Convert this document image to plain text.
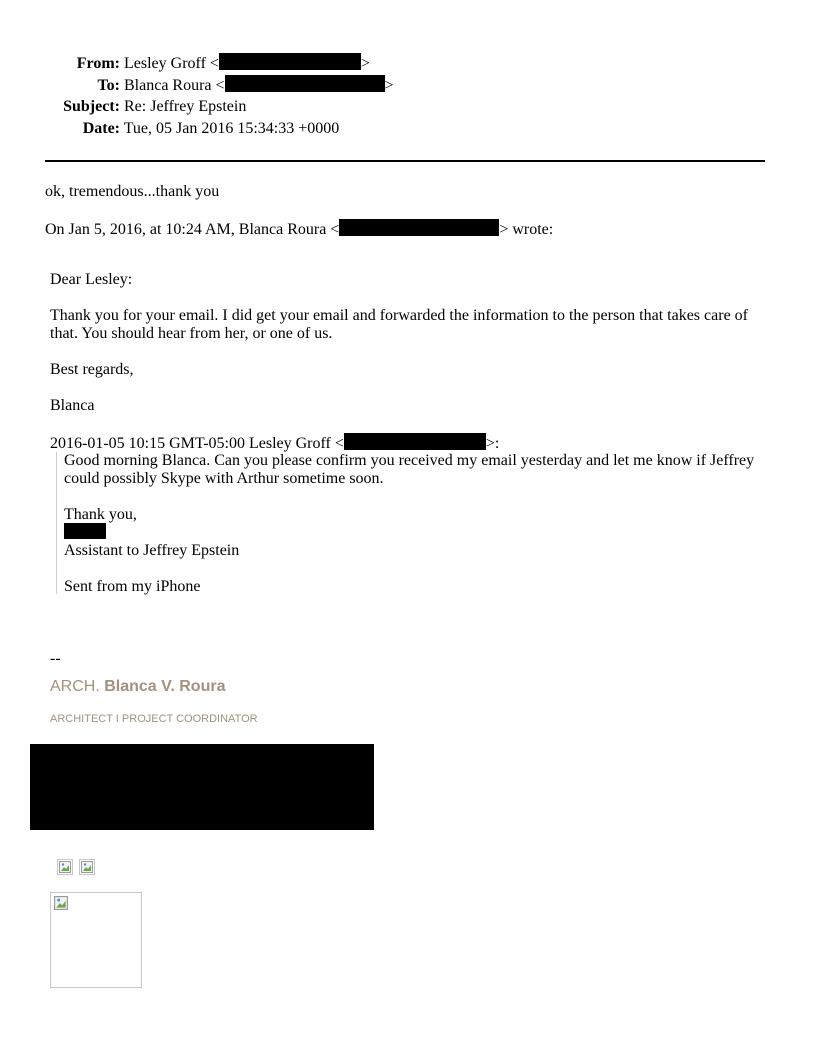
From: Lesley Groff <	>
To: Blanca Roura <	>
Subject: Re: Jeffrey Epstein
Date: Tue, 05 Jan 2016 15:34:33 +0000
ok, tremendous...thank you
On Jan 5, 2016, at 10:24 AM, Blanca Roura <	> wrote:
Dear Lesley:
Thank you for your email. I did get your email and forwarded the information to the person that takes care of
that. You should hear from her, or one of us.
Best regards,
Blanca
2016-01-05 10:15 GMT-05:00 Lesley Groff <	>:
Good morning Blanca. Can you please confirm you received my email yesterday and let me know if Jeffrey
could possibly Skype with Arthur sometime soon.
Thank you,
Assistant to Jeffrey Epstein
Sent from my iPhone
--
ARCH. Blanca V. Roura
ARCHITECT I PROJECT COORDINATOR
